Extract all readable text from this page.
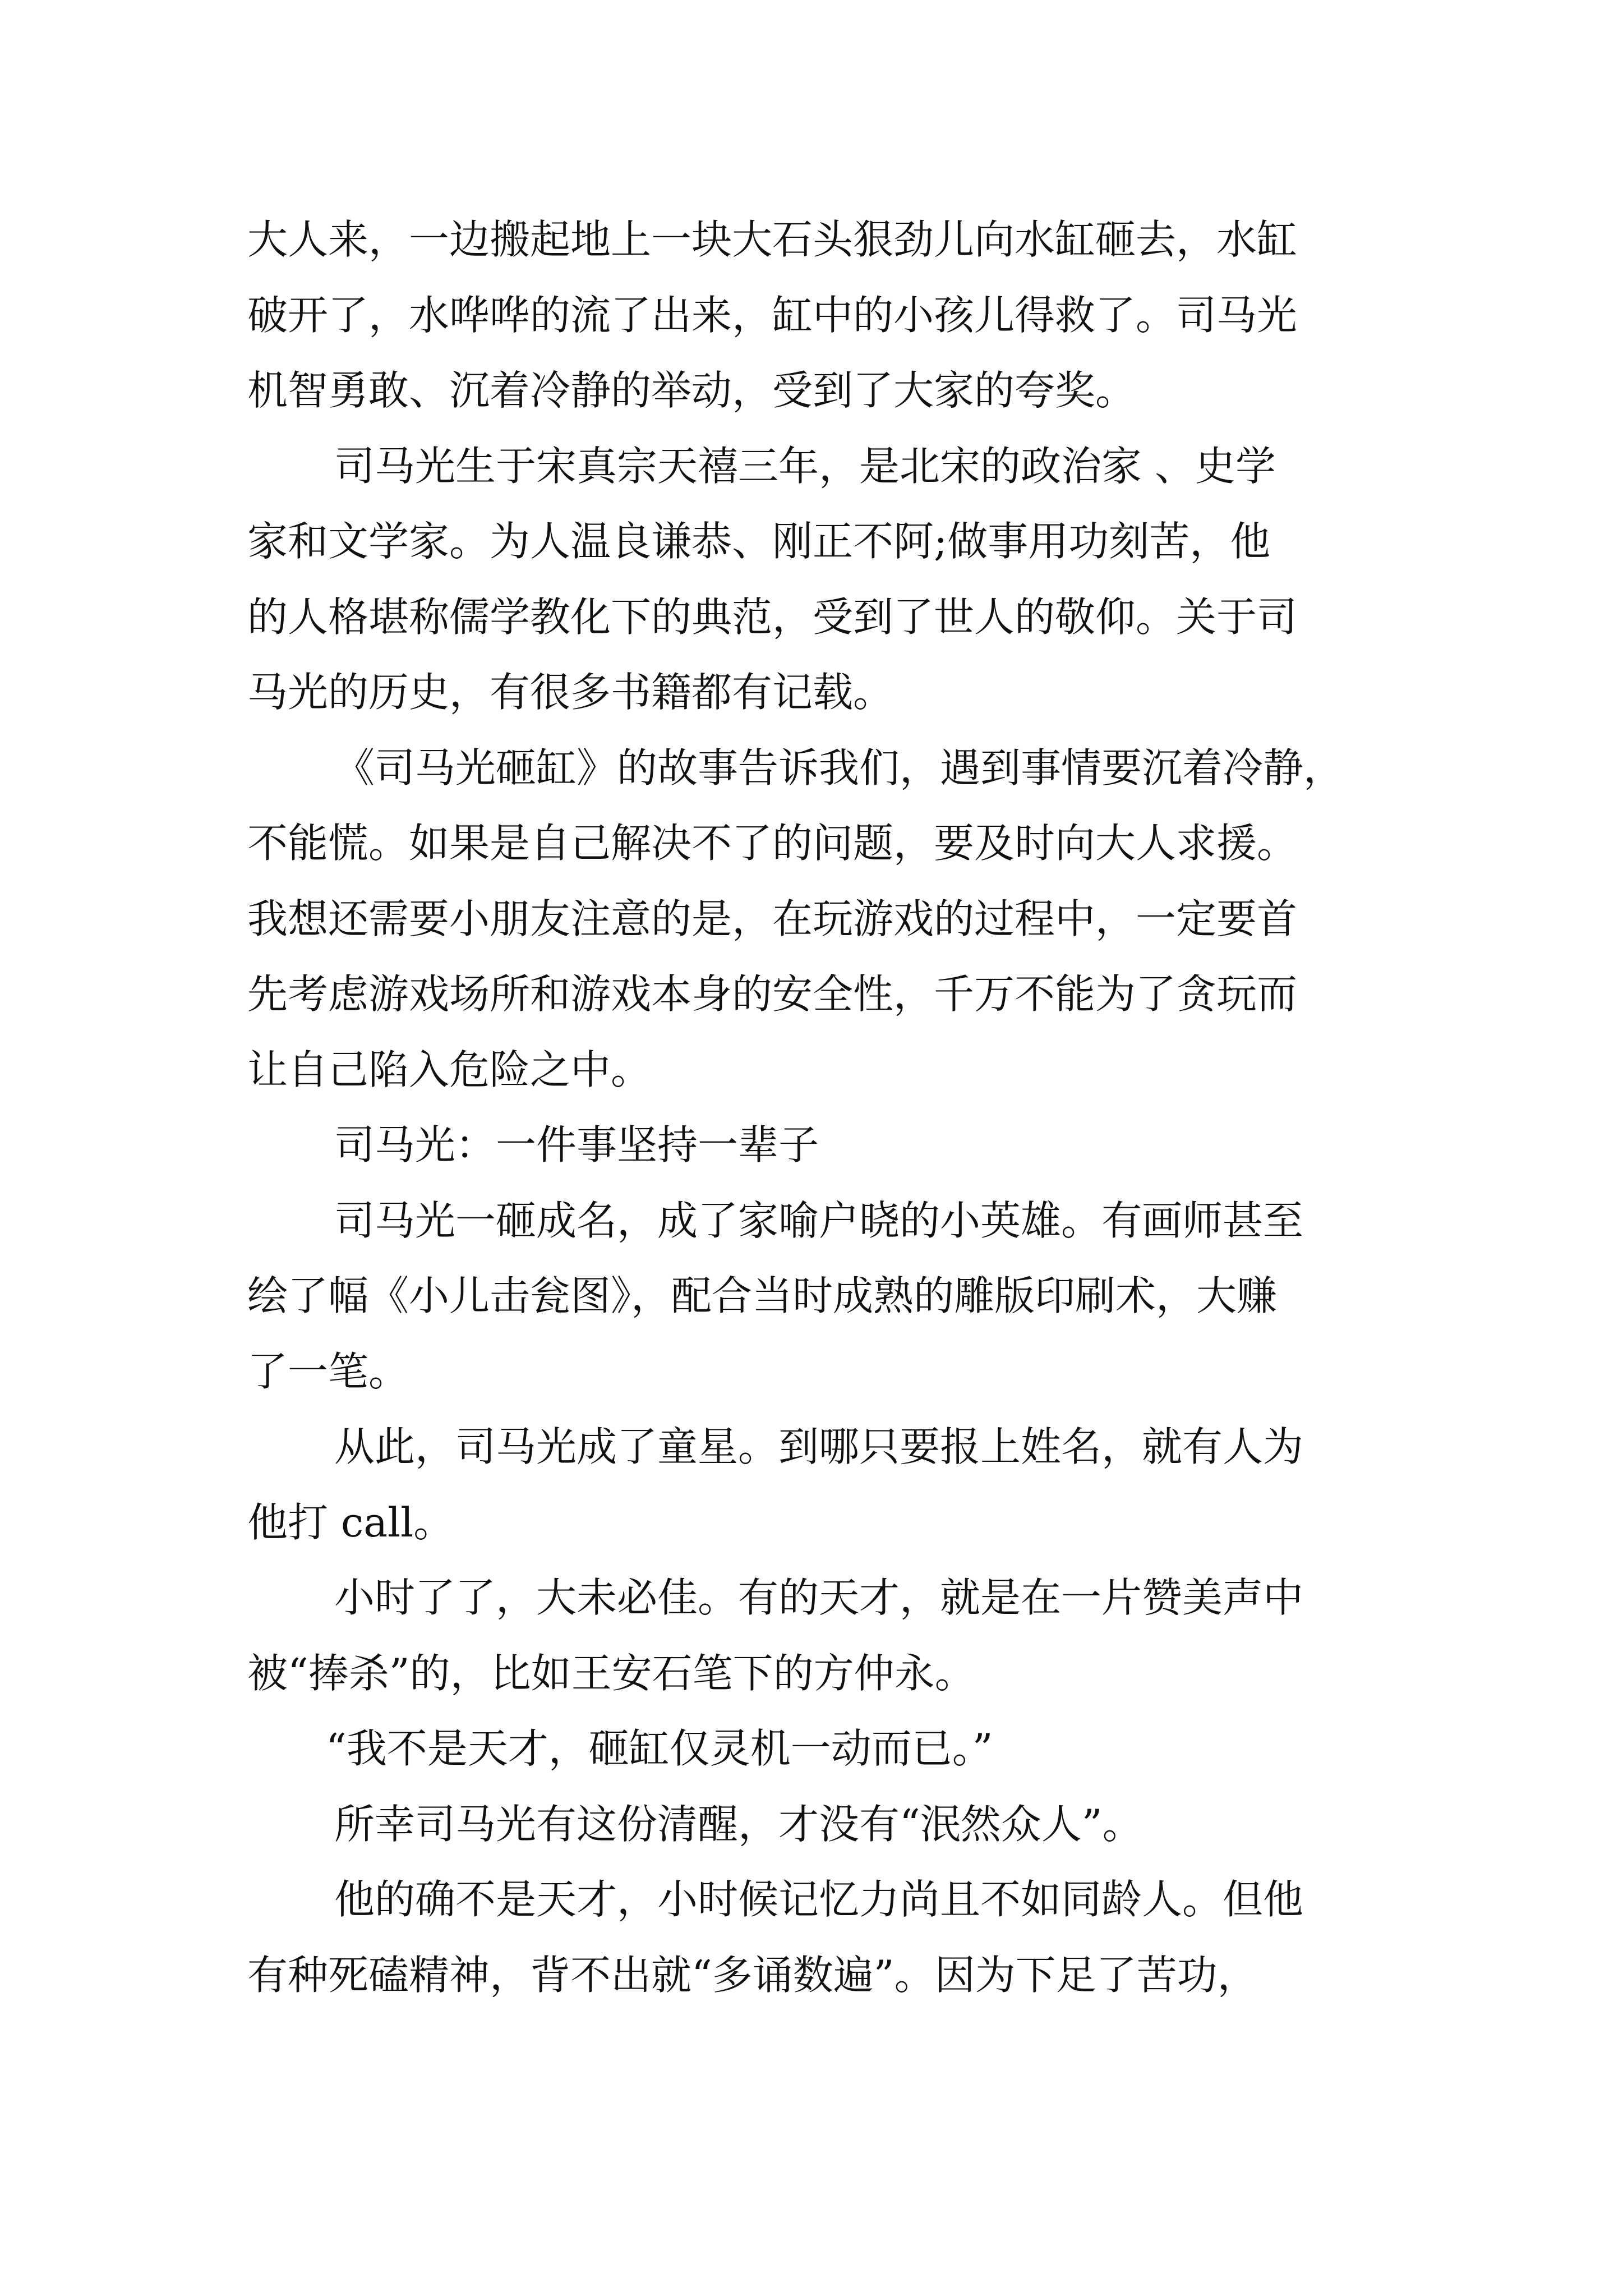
大人来，一边搬起地上一块大石头狠劲儿向水缸砸去，水缸
破开了，水哗哗的流了出来，缸中的小孩儿得救了。司马光
机智勇敢、沉着冷静的举动，受到了大家的夸奖。
司马光生于宋真宗天禧三年，是北宋的政治家 、史学
家和文学家。为人温良谦恭、刚正不阿;做事用功刻苦，他
的人格堪称儒学教化下的典范，受到了世人的敬仰。关于司
马光的历史，有很多书籍都有记载。
《司马光砸缸》的故事告诉我们，遇到事情要沉着冷静，
不能慌。如果是自己解决不了的问题，要及时向大人求援。
我想还需要小朋友注意的是，在玩游戏的过程中，一定要首
先考虑游戏场所和游戏本身的安全性，千万不能为了贪玩而
让自己陷入危险之中。
司马光：一件事坚持一辈子
司马光一砸成名，成了家喻户晓的小英雄。有画师甚至
绘了幅《小儿击瓮图》，配合当时成熟的雕版印刷术，大赚
了一笔。
从此，司马光成了童星。到哪只要报上姓名，就有人为
他打 call。
小时了了，大未必佳。有的天才，就是在一片赞美声中
被“捧杀”的，比如王安石笔下的方仲永。
“我不是天才，砸缸仅灵机一动而已。”
所幸司马光有这份清醒，才没有“泯然众人”。
他的确不是天才，小时候记忆力尚且不如同龄人。但他
有种死磕精神，背不出就“多诵数遍”。因为下足了苦功，
